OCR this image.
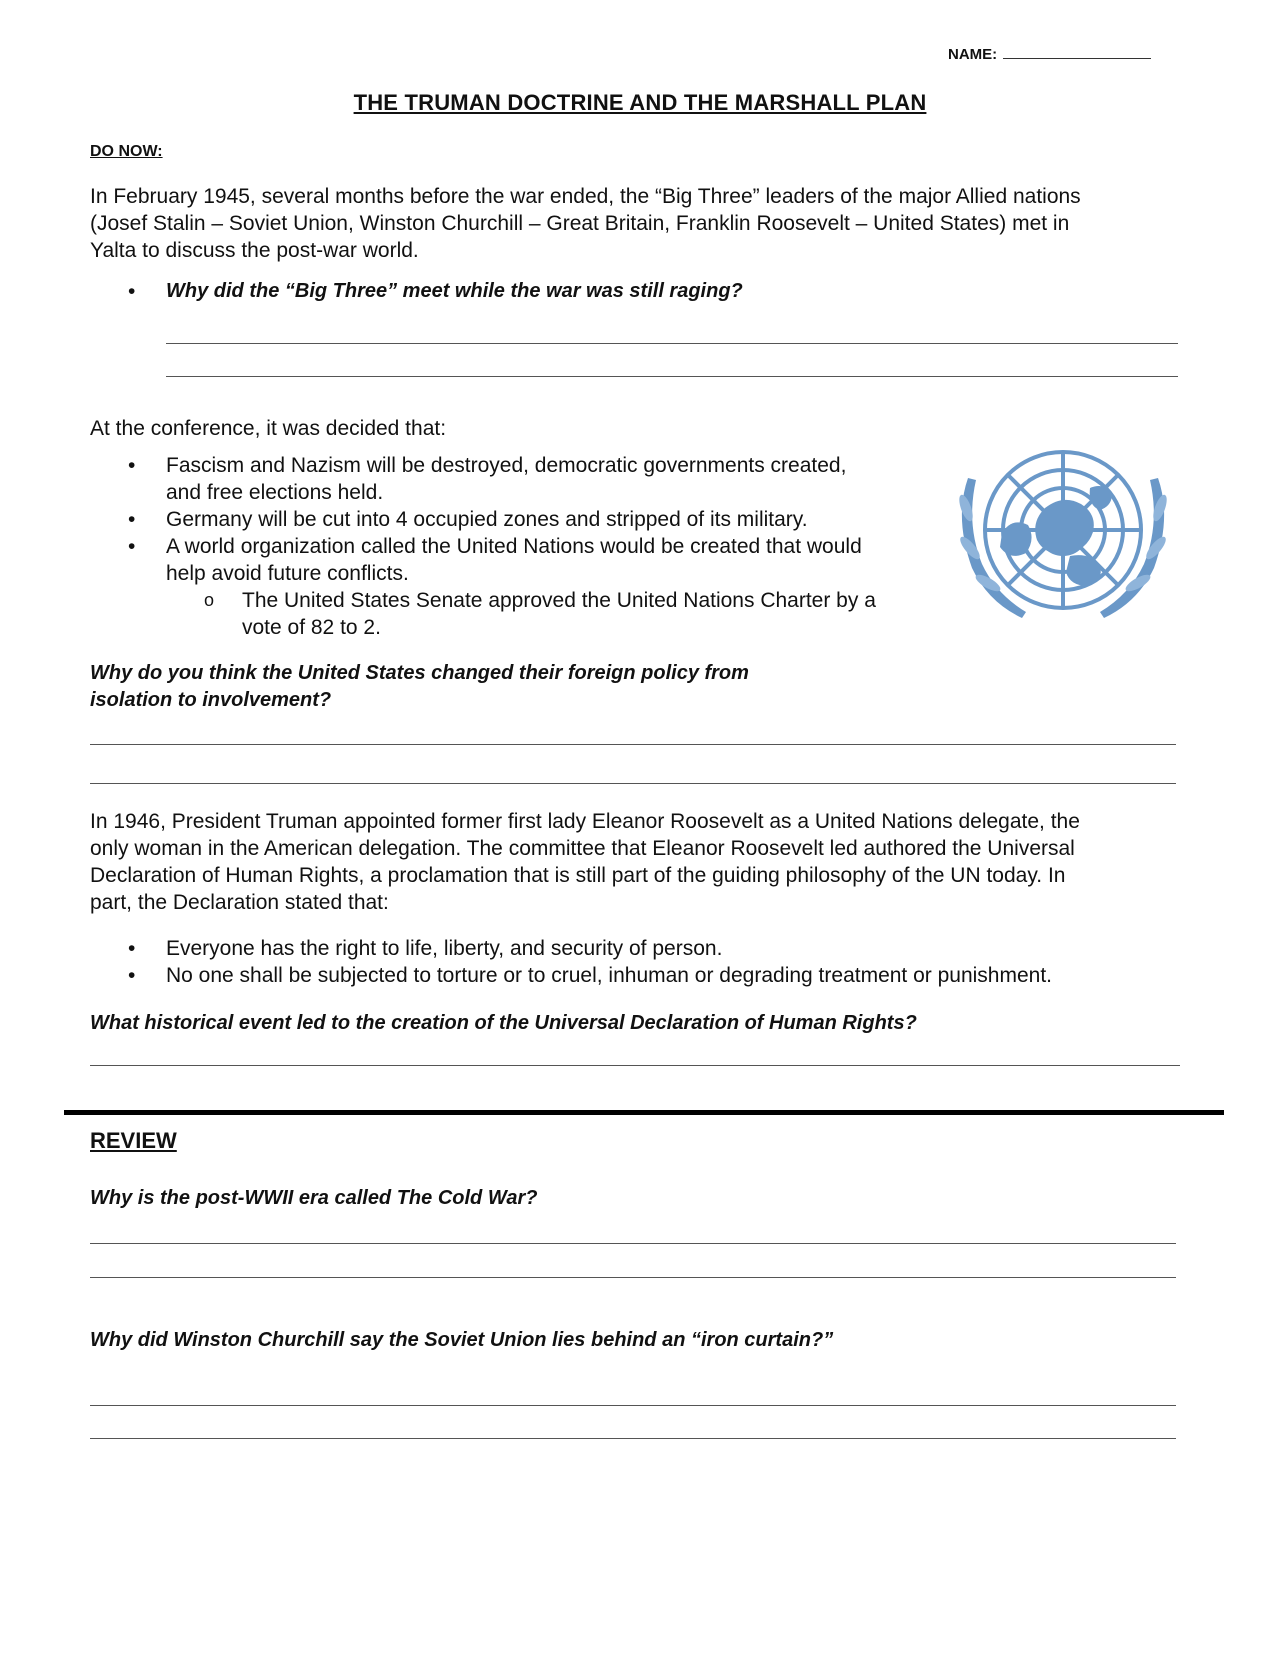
NAME:
THE TRUMAN DOCTRINE AND THE MARSHALL PLAN
DO NOW:
In February 1945, several months before the war ended, the “Big Three” leaders of the major Allied nations
(Josef Stalin – Soviet Union, Winston Churchill – Great Britain, Franklin Roosevelt – United States) met in
Yalta to discuss the post-war world.
• Why did the “Big Three” meet while the war was still raging?
At the conference, it was decided that:
• Fascism and Nazism will be destroyed, democratic governments created,
and free elections held.
• Germany will be cut into 4 occupied zones and stripped of its military.
• A world organization called the United Nations would be created that would
help avoid future conflicts.
o The United States Senate approved the United Nations Charter by a
vote of 82 to 2.
Why do you think the United States changed their foreign policy from
isolation to involvement?
In 1946, President Truman appointed former first lady Eleanor Roosevelt as a United Nations delegate, the
only woman in the American delegation. The committee that Eleanor Roosevelt led authored the Universal
Declaration of Human Rights, a proclamation that is still part of the guiding philosophy of the UN today. In
part, the Declaration stated that:
• Everyone has the right to life, liberty, and security of person.
• No one shall be subjected to torture or to cruel, inhuman or degrading treatment or punishment.
What historical event led to the creation of the Universal Declaration of Human Rights?
REVIEW
Why is the post-WWII era called The Cold War?
Why did Winston Churchill say the Soviet Union lies behind an “iron curtain?”
